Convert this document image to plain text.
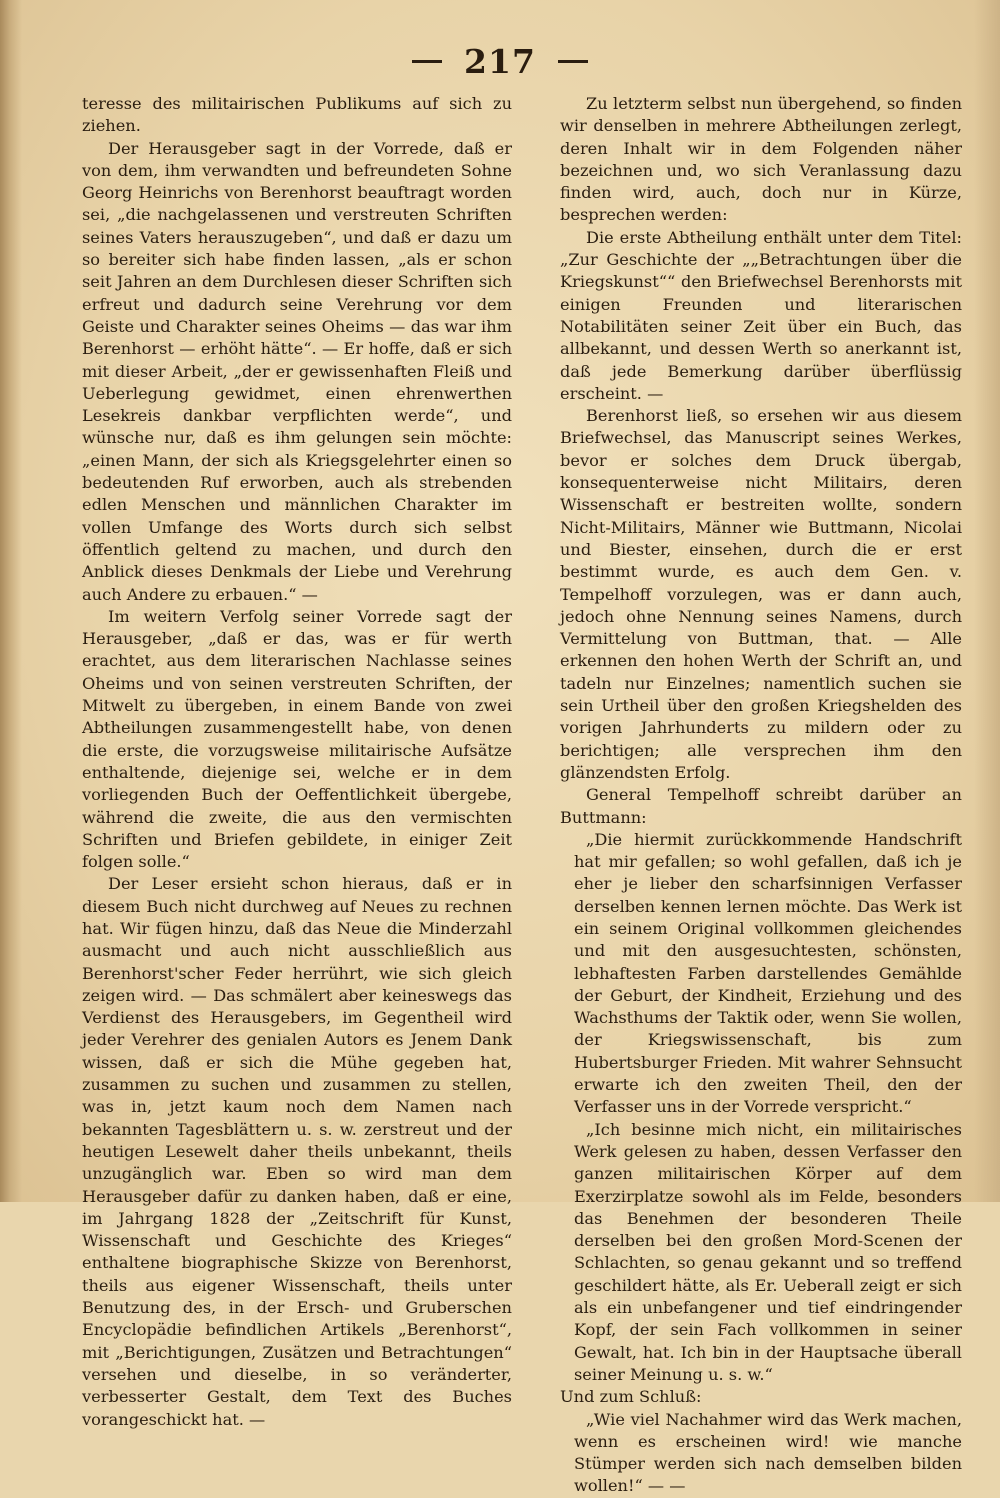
217

teresse des militairischen Publikums auf sich zu ziehen.

Der Herausgeber sagt in der Vorrede, daß er von dem, ihm verwandten und befreundeten Sohne Georg Heinrichs von Berenhorst beauftragt worden sei, „die nachgelassenen und verstreuten Schriften seines Vaters herauszugeben“, und daß er dazu um so bereiter sich habe finden lassen, „als er schon seit Jahren an dem Durchlesen dieser Schriften sich erfreut und dadurch seine Verehrung vor dem Geiste und Charakter seines Oheims — das war ihm Berenhorst — erhöht hätte“. — Er hoffe, daß er sich mit dieser Arbeit, „der er gewissenhaften Fleiß und Ueberlegung gewidmet, einen ehrenwerthen Lesekreis dankbar verpflichten werde“, und wünsche nur, daß es ihm gelungen sein möchte: „einen Mann, der sich als Kriegsgelehrter einen so bedeutenden Ruf erworben, auch als strebenden edlen Menschen und männlichen Charakter im vollen Umfange des Worts durch sich selbst öffentlich geltend zu machen, und durch den Anblick dieses Denkmals der Liebe und Verehrung auch Andere zu erbauen.“ —

Im weitern Verfolg seiner Vorrede sagt der Herausgeber, „daß er das, was er für werth erachtet, aus dem literarischen Nachlasse seines Oheims und von seinen verstreuten Schriften, der Mitwelt zu übergeben, in einem Bande von zwei Abtheilungen zusammengestellt habe, von denen die erste, die vorzugsweise militairische Aufsätze enthaltende, diejenige sei, welche er in dem vorliegenden Buch der Oeffentlichkeit übergebe, während die zweite, die aus den vermischten Schriften und Briefen gebildete, in einiger Zeit folgen solle.“

Der Leser ersieht schon hieraus, daß er in diesem Buch nicht durchweg auf Neues zu rechnen hat. Wir fügen hinzu, daß das Neue die Minderzahl ausmacht und auch nicht ausschließlich aus Berenhorst'scher Feder herrührt, wie sich gleich zeigen wird. — Das schmälert aber keineswegs das Verdienst des Herausgebers, im Gegentheil wird jeder Verehrer des genialen Autors es Jenem Dank wissen, daß er sich die Mühe gegeben hat, zusammen zu suchen und zusammen zu stellen, was in, jetzt kaum noch dem Namen nach bekannten Tagesblättern u. s. w. zerstreut und der heutigen Lesewelt daher theils unbekannt, theils unzugänglich war. Eben so wird man dem Herausgeber dafür zu danken haben, daß er eine, im Jahrgang 1828 der „Zeitschrift für Kunst, Wissenschaft und Geschichte des Krieges“ enthaltene biographische Skizze von Berenhorst, theils aus eigener Wissenschaft, theils unter Benutzung des, in der Ersch- und Gruberschen Encyclopädie befindlichen Artikels „Berenhorst“, mit „Berichtigungen, Zusätzen und Betrachtungen“ versehen und dieselbe, in so veränderter, verbesserter Gestalt, dem Text des Buches vorangeschickt hat. —

Zu letzterm selbst nun übergehend, so finden wir denselben in mehrere Abtheilungen zerlegt, deren Inhalt wir in dem Folgenden näher bezeichnen und, wo sich Veranlassung dazu finden wird, auch, doch nur in Kürze, besprechen werden:

Die erste Abtheilung enthält unter dem Titel: „Zur Geschichte der „„Betrachtungen über die Kriegskunst““ den Briefwechsel Berenhorsts mit einigen Freunden und literarischen Notabilitäten seiner Zeit über ein Buch, das allbekannt, und dessen Werth so anerkannt ist, daß jede Bemerkung darüber überflüssig erscheint. —

Berenhorst ließ, so ersehen wir aus diesem Briefwechsel, das Manuscript seines Werkes, bevor er solches dem Druck übergab, konsequenterweise nicht Militairs, deren Wissenschaft er bestreiten wollte, sondern Nicht-Militairs, Männer wie Buttmann, Nicolai und Biester, einsehen, durch die er erst bestimmt wurde, es auch dem Gen. v. Tempelhoff vorzulegen, was er dann auch, jedoch ohne Nennung seines Namens, durch Vermittelung von Buttman, that. — Alle erkennen den hohen Werth der Schrift an, und tadeln nur Einzelnes; namentlich suchen sie sein Urtheil über den großen Kriegshelden des vorigen Jahrhunderts zu mildern oder zu berichtigen; alle versprechen ihm den glänzendsten Erfolg.

General Tempelhoff schreibt darüber an Buttmann:

„Die hiermit zurückkommende Handschrift hat mir gefallen; so wohl gefallen, daß ich je eher je lieber den scharfsinnigen Verfasser derselben kennen lernen möchte. Das Werk ist ein seinem Original vollkommen gleichendes und mit den ausgesuchtesten, schönsten, lebhaftesten Farben darstellendes Gemählde der Geburt, der Kindheit, Erziehung und des Wachsthums der Taktik oder, wenn Sie wollen, der Kriegswissenschaft, bis zum Hubertsburger Frieden. Mit wahrer Sehnsucht erwarte ich den zweiten Theil, den der Verfasser uns in der Vorrede verspricht.“

„Ich besinne mich nicht, ein militairisches Werk gelesen zu haben, dessen Verfasser den ganzen militairischen Körper auf dem Exerzirplatze sowohl als im Felde, besonders das Benehmen der besonderen Theile derselben bei den großen Mord-Scenen der Schlachten, so genau gekannt und so treffend geschildert hätte, als Er. Ueberall zeigt er sich als ein unbefangener und tief eindringender Kopf, der sein Fach vollkommen in seiner Gewalt, hat. Ich bin in der Hauptsache überall seiner Meinung u. s. w.“

Und zum Schluß:

„Wie viel Nachahmer wird das Werk machen, wenn es erscheinen wird! wie manche Stümper werden sich nach demselben bilden wollen!“ — —
